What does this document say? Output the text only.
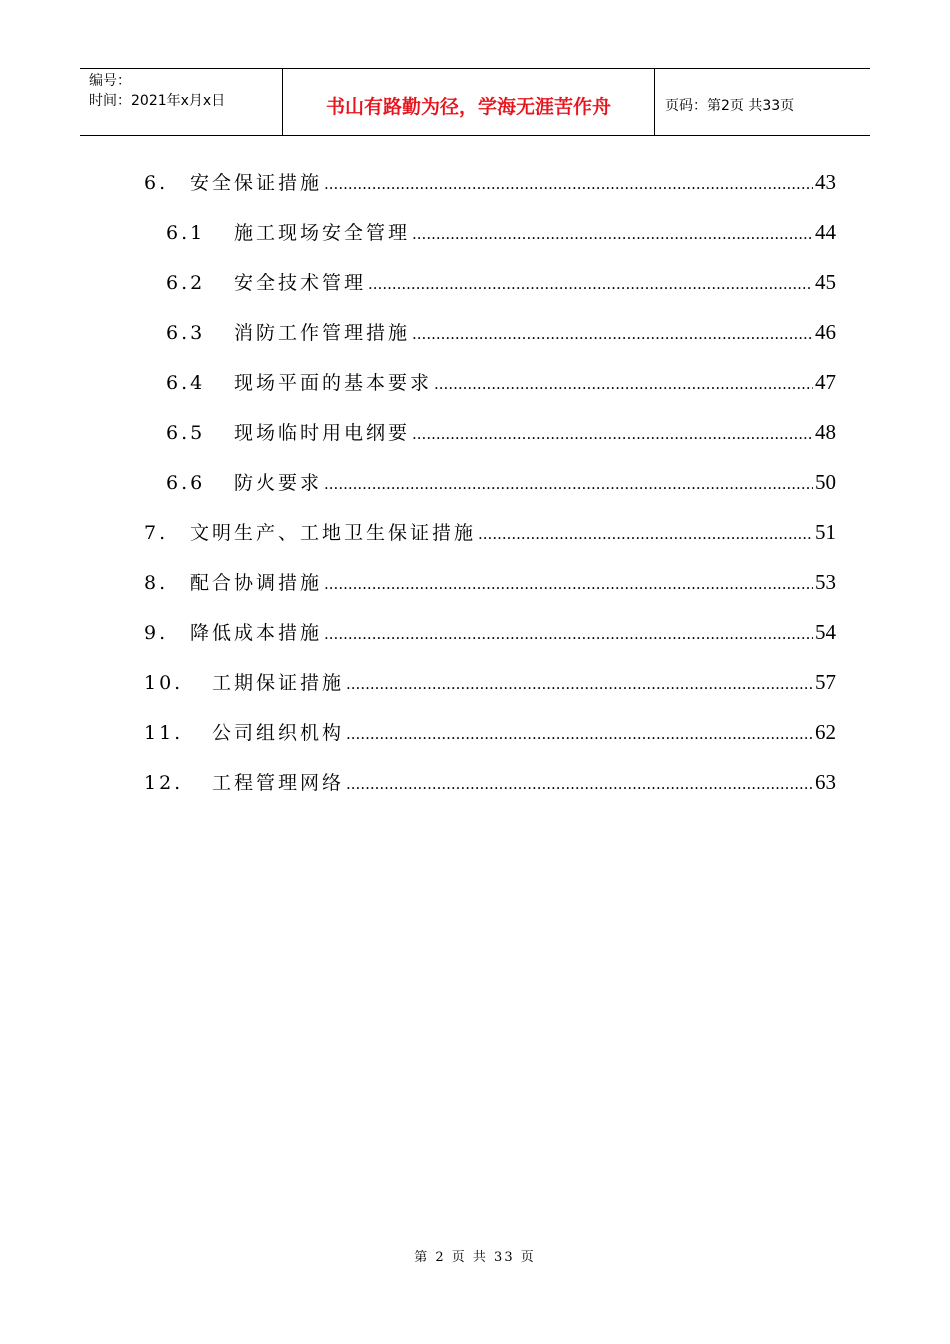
编号：
时间：2021年x月x日	书山有路勤为径，学海无涯苦作舟	页码：第2页 共33页
6.	安全保证措施 .....	43
6.1	施工现场安全管理 .....	44
6.2	安全技术管理 .....	45
6.3	消防工作管理措施 .....	46
6.4	现场平面的基本要求 .....	47
6.5	现场临时用电纲要 .....	48
6.6	防火要求 .....	50
7.	文明生产、工地卫生保证措施 .....	51
8.	配合协调措施 .....	53
9.	降低成本措施 .....	54
10.	工期保证措施 .....	57
11.	公司组织机构 .....	62
12.	工程管理网络 .....	63
第 2 页 共 33 页
